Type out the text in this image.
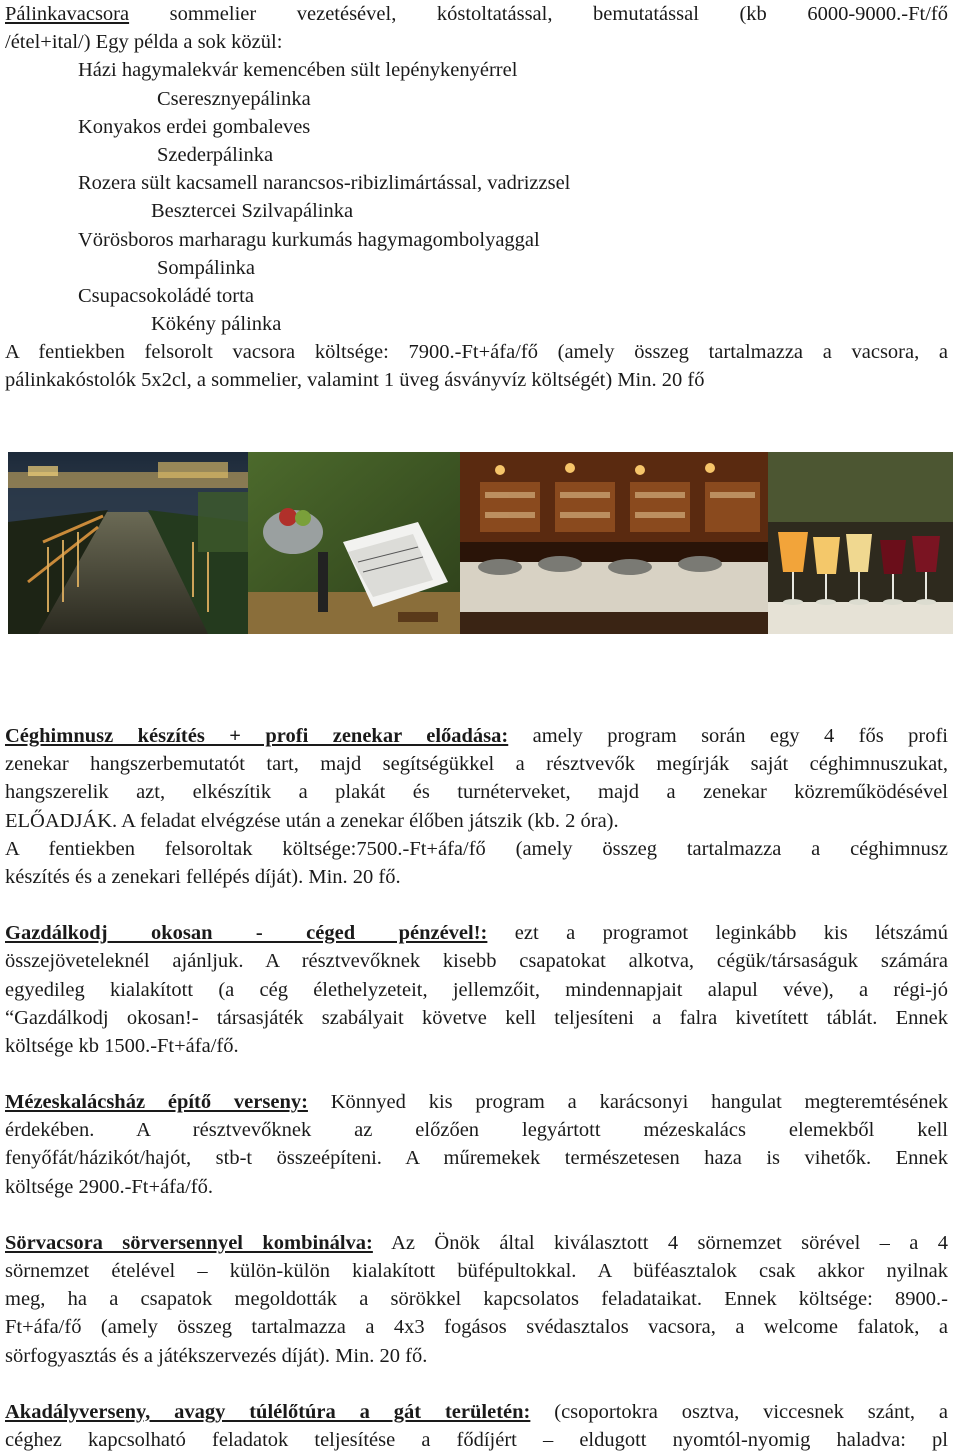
Pálinkavacsora sommelier vezetésével, kóstoltatással, bemutatással (kb 6000-9000.-Ft/fő
/étel+ital/) Egy példa a sok közül:
Házi hagymalekvár kemencében sült lepénykenyérrel
Cseresznyepálinka
Konyakos erdei gombaleves
Szederpálinka
Rozera sült kacsamell narancsos-ribizlimártással, vadrizzsel
Besztercei Szilvapálinka
Vörösboros marharagu kurkumás hagymagombolyaggal
Sompálinka
Csupacsokoládé torta
Kökény pálinka
A fentiekben felsorolt vacsora költsége: 7900.-Ft+áfa/fő (amely összeg tartalmazza a vacsora, a
pálinkakóstolók 5x2cl, a sommelier, valamint 1 üveg ásványvíz költségét) Min. 20 fő
Céghimnusz készítés + profi zenekar előadása: amely program során egy 4 fős profi
zenekar hangszerbemutatót tart, majd segítségükkel a résztvevők megírják saját céghimnuszukat,
hangszerelik azt, elkészítik a plakát és turnéterveket, majd a zenekar közreműködésével
ELŐADJÁK. A feladat elvégzése után a zenekar élőben játszik (kb. 2 óra).
A fentiekben felsoroltak költsége:7500.-Ft+áfa/fő (amely összeg tartalmazza a céghimnusz
készítés és a zenekari fellépés díját). Min. 20 fő.
Gazdálkodj okosan - céged pénzével!: ezt a programot leginkább kis létszámú
összejöveteleknél ajánljuk. A résztvevőknek kisebb csapatokat alkotva, cégük/társaságuk számára
egyedileg kialakított (a cég élethelyzeteit, jellemzőit, mindennapjait alapul véve), a régi-jó
“Gazdálkodj okosan!- társasjáték szabályait követve kell teljesíteni a falra kivetített táblát. Ennek
költsége kb 1500.-Ft+áfa/fő.
Mézeskalácsház építő verseny: Könnyed kis program a karácsonyi hangulat megteremtésének
érdekében. A résztvevőknek az előzően legyártott mézeskalács elemekből kell
fenyőfát/házikót/hajót, stb-t összeépíteni. A műremekek természetesen haza is vihetők. Ennek
költsége 2900.-Ft+áfa/fő.
Sörvacsora sörversennyel kombinálva: Az Önök által kiválasztott 4 sörnemzet sörével – a 4
sörnemzet ételével – külön-külön kialakított büfépultokkal. A büféasztalok csak akkor nyilnak
meg, ha a csapatok megoldották a sörökkel kapcsolatos feladataikat. Ennek költsége: 8900.-
Ft+áfa/fő (amely összeg tartalmazza a 4x3 fogásos svédasztalos vacsora, a welcome falatok, a
sörfogyasztás és a játékszervezés díját). Min. 20 fő.
Akadályverseny, avagy túlélőtúra a gát területén: (csoportokra osztva, viccesnek szánt, a
céghez kapcsolható feladatok teljesítése a fődíjért – eldugott nyomtól-nyomig haladva: pl
